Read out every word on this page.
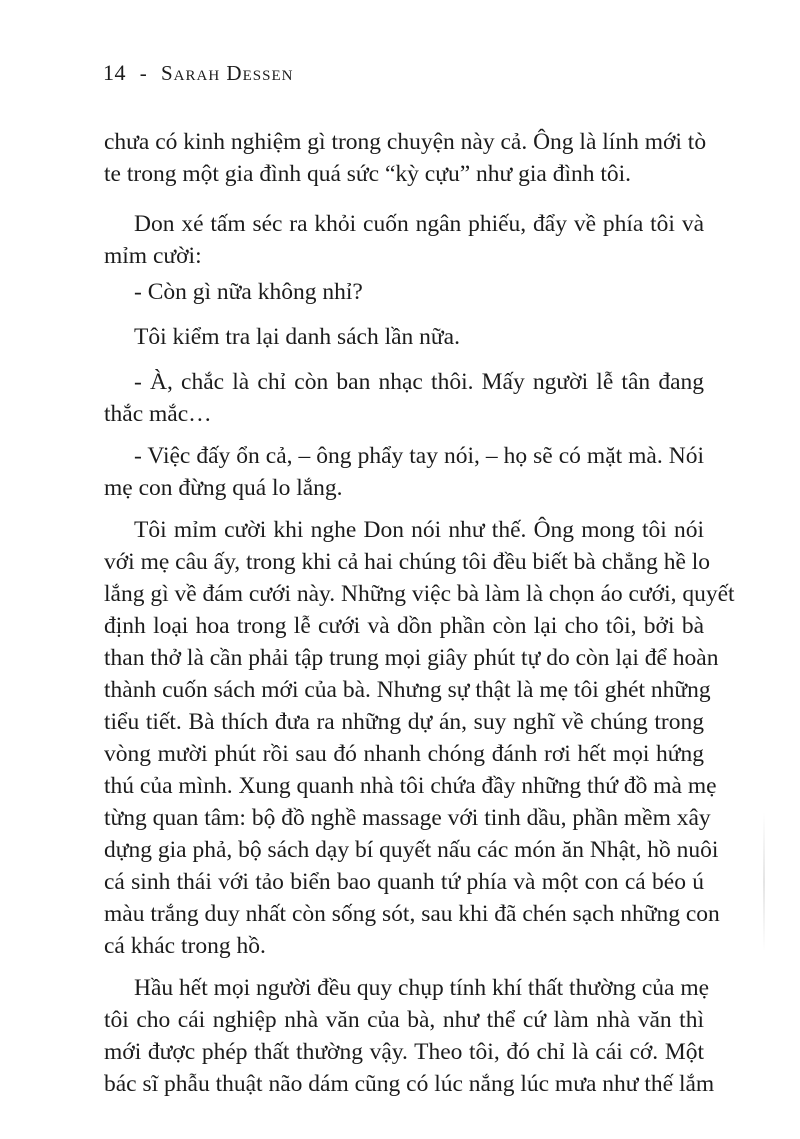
14 - Sarah Dessen
chưa có kinh nghiệm gì trong chuyện này cả. Ông là lính mới tò
te trong một gia đình quá sức “kỳ cựu” như gia đình tôi.
Don xé tấm séc ra khỏi cuốn ngân phiếu, đẩy về phía tôi và
mỉm cười:
- Còn gì nữa không nhỉ?
Tôi kiểm tra lại danh sách lần nữa.
- À, chắc là chỉ còn ban nhạc thôi. Mấy người lễ tân đang
thắc mắc…
- Việc đấy ổn cả, – ông phẩy tay nói, – họ sẽ có mặt mà. Nói
mẹ con đừng quá lo lắng.
Tôi mỉm cười khi nghe Don nói như thế. Ông mong tôi nói
với mẹ câu ấy, trong khi cả hai chúng tôi đều biết bà chẳng hề lo
lắng gì về đám cưới này. Những việc bà làm là chọn áo cưới, quyết
định loại hoa trong lễ cưới và dồn phần còn lại cho tôi, bởi bà
than thở là cần phải tập trung mọi giây phút tự do còn lại để hoàn
thành cuốn sách mới của bà. Nhưng sự thật là mẹ tôi ghét những
tiểu tiết. Bà thích đưa ra những dự án, suy nghĩ về chúng trong
vòng mười phút rồi sau đó nhanh chóng đánh rơi hết mọi hứng
thú của mình. Xung quanh nhà tôi chứa đầy những thứ đồ mà mẹ
từng quan tâm: bộ đồ nghề massage với tinh dầu, phần mềm xây
dựng gia phả, bộ sách dạy bí quyết nấu các món ăn Nhật, hồ nuôi
cá sinh thái với tảo biển bao quanh tứ phía và một con cá béo ú
màu trắng duy nhất còn sống sót, sau khi đã chén sạch những con
cá khác trong hồ.
Hầu hết mọi người đều quy chụp tính khí thất thường của mẹ
tôi cho cái nghiệp nhà văn của bà, như thể cứ làm nhà văn thì
mới được phép thất thường vậy. Theo tôi, đó chỉ là cái cớ. Một
bác sĩ phẫu thuật não dám cũng có lúc nắng lúc mưa như thế lắm
